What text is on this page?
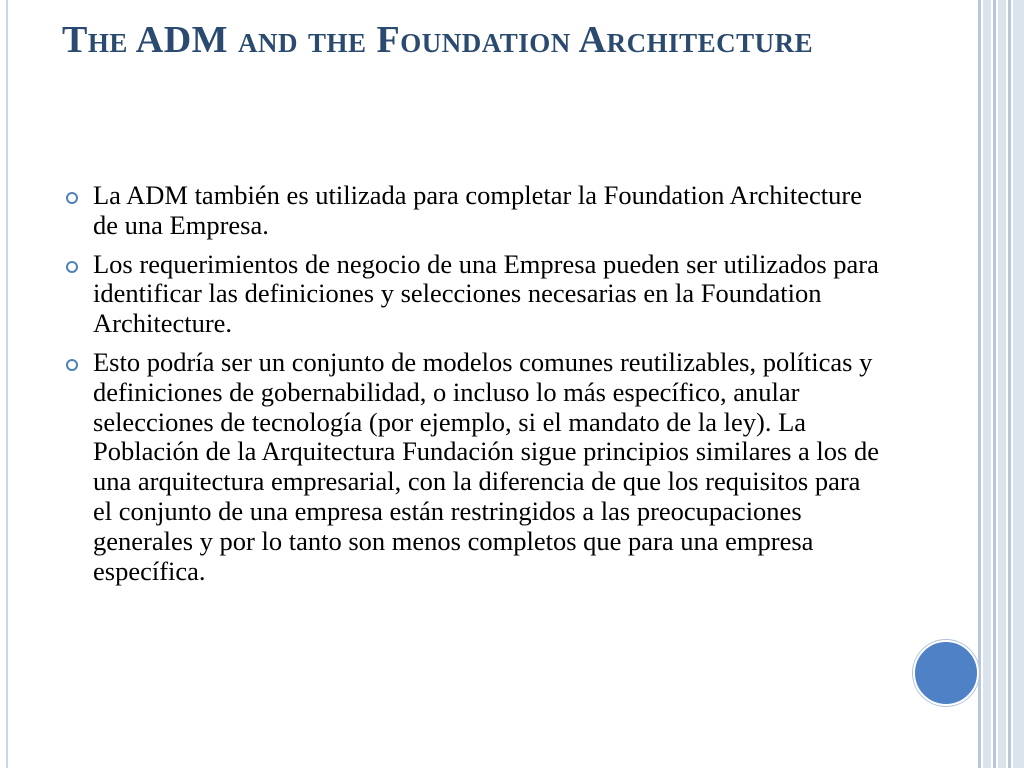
The ADM and the Foundation Architecture
La ADM también es utilizada para completar la Foundation Architecture de una Empresa.
Los requerimientos de negocio de una Empresa pueden ser utilizados para identificar las definiciones y selecciones necesarias en la Foundation Architecture.
Esto podría ser un conjunto de modelos comunes reutilizables, políticas y definiciones de gobernabilidad, o incluso lo más específico, anular selecciones de tecnología (por ejemplo, si el mandato de la ley). La Población de la Arquitectura Fundación sigue principios similares a los de una arquitectura empresarial, con la diferencia de que los requisitos para el conjunto de una empresa están restringidos a las preocupaciones generales y por lo tanto son menos completos que para una empresa específica.
